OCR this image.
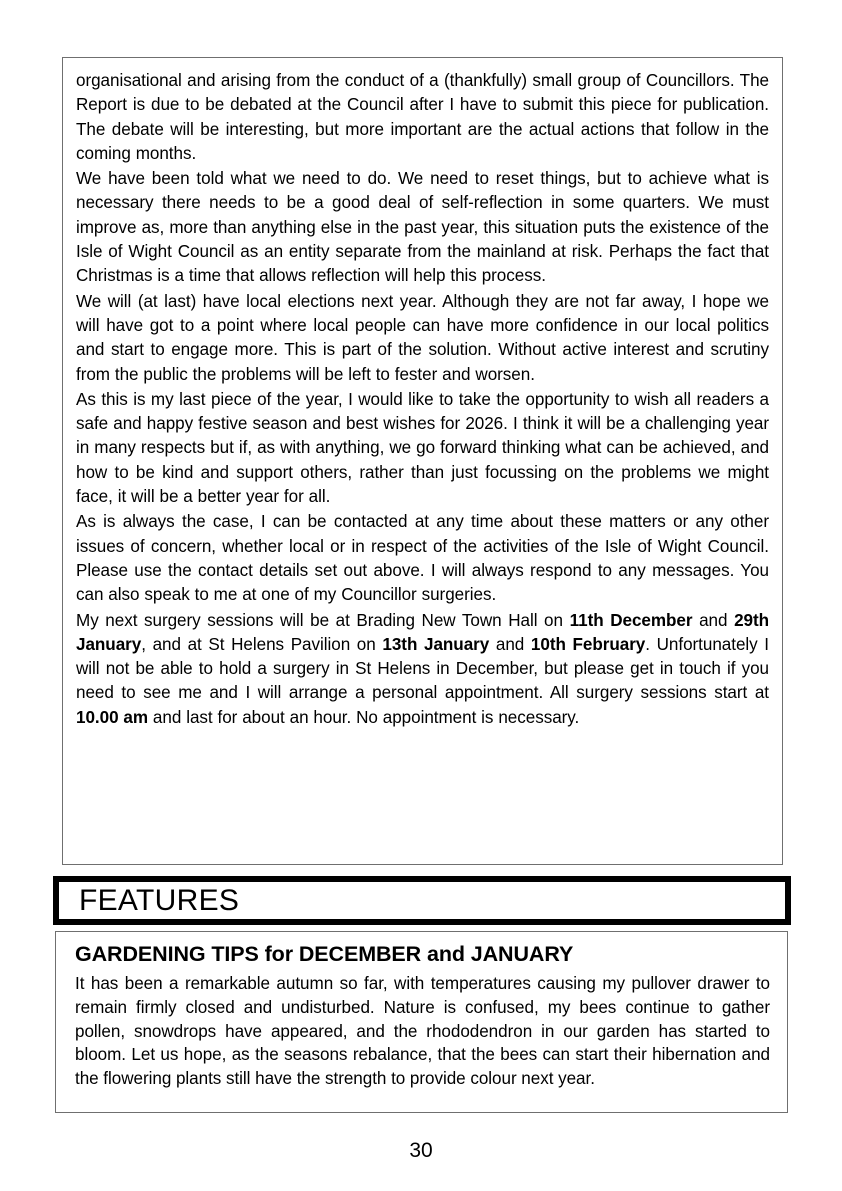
organisational and arising from the conduct of a (thankfully) small group of Councillors. The Report is due to be debated at the Council after I have to submit this piece for publication. The debate will be interesting, but more important are the actual actions that follow in the coming months.

We have been told what we need to do. We need to reset things, but to achieve what is necessary there needs to be a good deal of self-reflection in some quarters. We must improve as, more than anything else in the past year, this situation puts the existence of the Isle of Wight Council as an entity separate from the mainland at risk. Perhaps the fact that Christmas is a time that allows reflection will help this process.

We will (at last) have local elections next year. Although they are not far away, I hope we will have got to a point where local people can have more confidence in our local politics and start to engage more. This is part of the solution. Without active interest and scrutiny from the public the problems will be left to fester and worsen.

As this is my last piece of the year, I would like to take the opportunity to wish all readers a safe and happy festive season and best wishes for 2026. I think it will be a challenging year in many respects but if, as with anything, we go forward thinking what can be achieved, and how to be kind and support others, rather than just focussing on the problems we might face, it will be a better year for all.

As is always the case, I can be contacted at any time about these matters or any other issues of concern, whether local or in respect of the activities of the Isle of Wight Council. Please use the contact details set out above. I will always respond to any messages. You can also speak to me at one of my Councillor surgeries.

My next surgery sessions will be at Brading New Town Hall on 11th December and 29th January, and at St Helens Pavilion on 13th January and 10th February. Unfortunately I will not be able to hold a surgery in St Helens in December, but please get in touch if you need to see me and I will arrange a personal appointment. All surgery sessions start at 10.00 am and last for about an hour. No appointment is necessary.

FEATURES
GARDENING TIPS for DECEMBER and JANUARY

It has been a remarkable autumn so far, with temperatures causing my pullover drawer to remain firmly closed and undisturbed. Nature is confused, my bees continue to gather pollen, snowdrops have appeared, and the rhododendron in our garden has started to bloom. Let us hope, as the seasons rebalance, that the bees can start their hibernation and the flowering plants still have the strength to provide colour next year.

30
